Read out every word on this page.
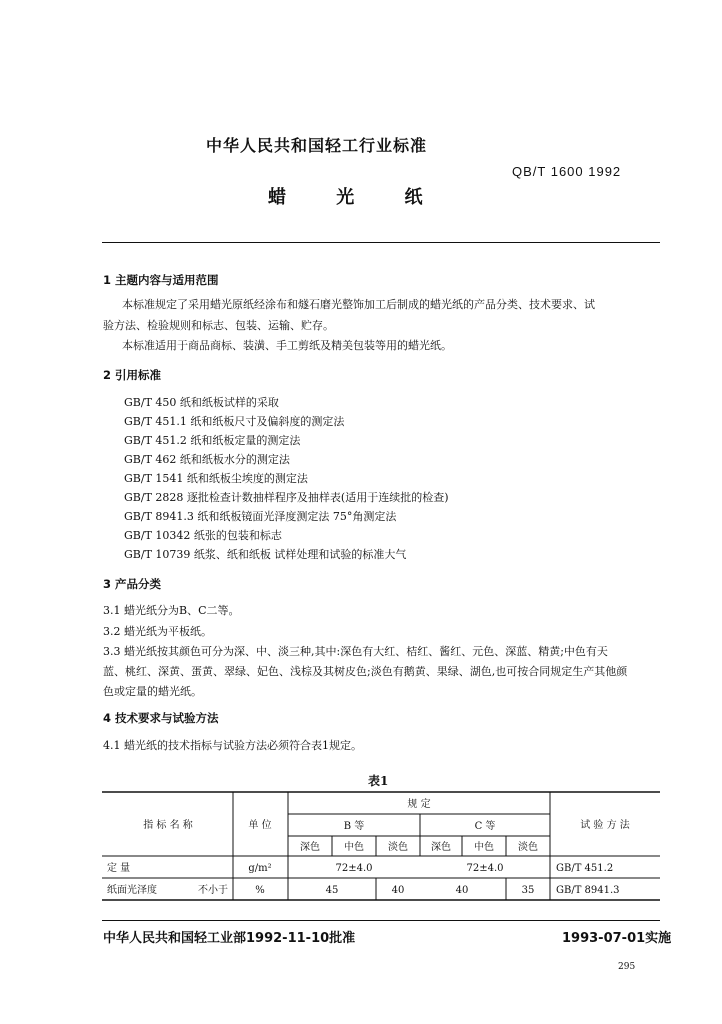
中华人民共和国轻工行业标准
QB/T 1600 1992
蜡 光 纸
1 主题内容与适用范围
本标准规定了采用蜡光原纸经涂布和燧石磨光整饰加工后制成的蜡光纸的产品分类、技术要求、试
验方法、检验规则和标志、包装、运输、贮存。
本标准适用于商品商标、装潢、手工剪纸及精美包装等用的蜡光纸。
2 引用标准
GB/T 450 纸和纸板试样的采取
GB/T 451.1 纸和纸板尺寸及偏斜度的测定法
GB/T 451.2 纸和纸板定量的测定法
GB/T 462 纸和纸板水分的测定法
GB/T 1541 纸和纸板尘埃度的测定法
GB/T 2828 逐批检查计数抽样程序及抽样表(适用于连续批的检查)
GB/T 8941.3 纸和纸板镜面光泽度测定法 75°角测定法
GB/T 10342 纸张的包装和标志
GB/T 10739 纸浆、纸和纸板 试样处理和试验的标准大气
3 产品分类
3.1 蜡光纸分为B、C二等。
3.2 蜡光纸为平板纸。
3.3 蜡光纸按其颜色可分为深、中、淡三种,其中:深色有大红、桔红、酱红、元色、深蓝、精黄;中色有天
蓝、桃红、深黄、蛋黄、翠绿、妃色、浅棕及其树皮色;淡色有鹅黄、果绿、湖色,也可按合同规定生产其他颜
色或定量的蜡光纸。
4 技术要求与试验方法
4.1 蜡光纸的技术指标与试验方法必须符合表1规定。
表1
指 标 名 称	单 位
规 定
B 等	C 等	试 验 方 法
深色 中色 淡色 深色 中色 淡色
定 量	g/m²	72±4.0	72±4.0	GB/T 451.2
纸面光泽度	不小于	%	45	40	40	35 GB/T 8941.3
中华人民共和国轻工业部1992-11-10批准	1993-07-01实施
295
